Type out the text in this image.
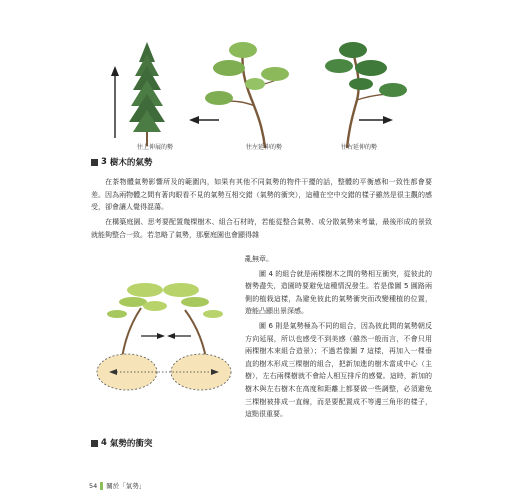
往上伸展的勢	往左延伸的勢	往右延伸的勢
3 樹木的氣勢

在茶物體氣勢影響所及的範圍內，如果有其他不同氣勢的物件干擾的話，整體的平衡感和一致性都會要差。因為兩物體之間有著肉眼看不見的氣勢互相交錯（氣勢的衝突），這種在空中交錯的樣子雖然是很主觀的感受，卻會讓人覺得混蕩。

在構築庭園、思考要配置幾棵樹木、組合石材時，若能從整合氣勢、或分散氣勢來考量，最後形成的景致就能夠整合一致。若忽略了氣勢，那麼庭園也會顯得雜

亂無章。

圖 4 的組合就是兩棵樹木之間的勢相互衝突，從彼此的樹勢盡失，造園時要避免這種情況發生。若是像圖 5 圓路兩側的植栽這樣，為避免彼此的氣勢衝突而改變種植的位置，遊能凸顯出景深感。

圖 6 則是氣勢極為不同的組合，因為彼此間的氣勢朝反方向延展，所以也感受不到美感（雖然一般而言，不會只用兩棵樹木來組合造景）；不過若像圖 7 這樣，再加入一棵垂直的樹木形成三棵樹的組合，把新加進的樹木當成中心（主樹），左右兩棵樹就不會給人相互排斥的感覺。這時，新加的樹木與左右樹木在高度和距離上都要做一些調整，必須避免三棵樹被排成一直線，而是要配置成不等邊三角形的樣子，這點很重要。

4 氣勢的衝突
54 關於「氣勢」
